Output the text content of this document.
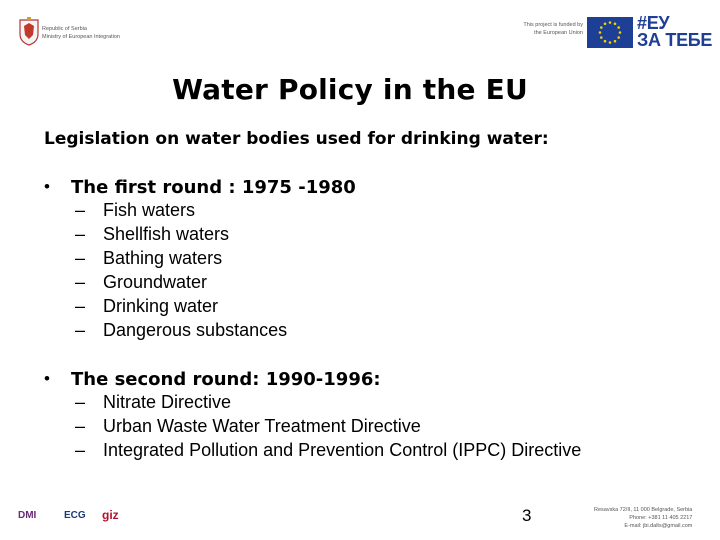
Republic of Serbia
Ministry of European Integration
This project is funded by
the European Union	#ЕУ
ЗА ТЕБЕ
Water Policy in the EU
Legislation on water bodies used for drinking water:
• The first round : 1975 -1980
– Fish waters
– Shellfish waters
– Bathing waters
– Groundwater
– Drinking water
– Dangerous substances
• The second round: 1990-1996:
– Nitrate Directive
– Urban Waste Water Treatment Directive
– Integrated Pollution and Prevention Control (IPPC) Directive
DMI	ECG giz	3	Resavska 72/II, 11 000 Belgrade, Serbia
Phone: +381 11 405 2217
E-mail: jbi.dalts@gmail.com
